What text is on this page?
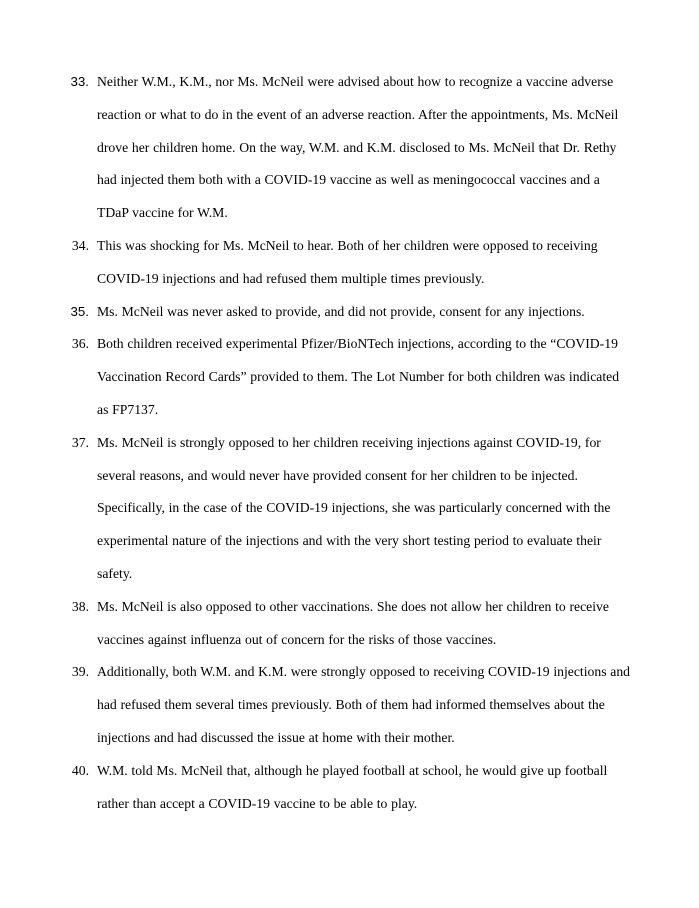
33. Neither W.M., K.M., nor Ms. McNeil were advised about how to recognize a vaccine adverse reaction or what to do in the event of an adverse reaction. After the appointments, Ms. McNeil drove her children home. On the way, W.M. and K.M. disclosed to Ms. McNeil that Dr. Rethy had injected them both with a COVID-19 vaccine as well as meningococcal vaccines and a TDaP vaccine for W.M.
34. This was shocking for Ms. McNeil to hear. Both of her children were opposed to receiving COVID-19 injections and had refused them multiple times previously.
35. Ms. McNeil was never asked to provide, and did not provide, consent for any injections.
36. Both children received experimental Pfizer/BioNTech injections, according to the “COVID-19 Vaccination Record Cards” provided to them. The Lot Number for both children was indicated as FP7137.
37. Ms. McNeil is strongly opposed to her children receiving injections against COVID-19, for several reasons, and would never have provided consent for her children to be injected. Specifically, in the case of the COVID-19 injections, she was particularly concerned with the experimental nature of the injections and with the very short testing period to evaluate their safety.
38. Ms. McNeil is also opposed to other vaccinations. She does not allow her children to receive vaccines against influenza out of concern for the risks of those vaccines.
39. Additionally, both W.M. and K.M. were strongly opposed to receiving COVID-19 injections and had refused them several times previously. Both of them had informed themselves about the injections and had discussed the issue at home with their mother.
40. W.M. told Ms. McNeil that, although he played football at school, he would give up football rather than accept a COVID-19 vaccine to be able to play.
